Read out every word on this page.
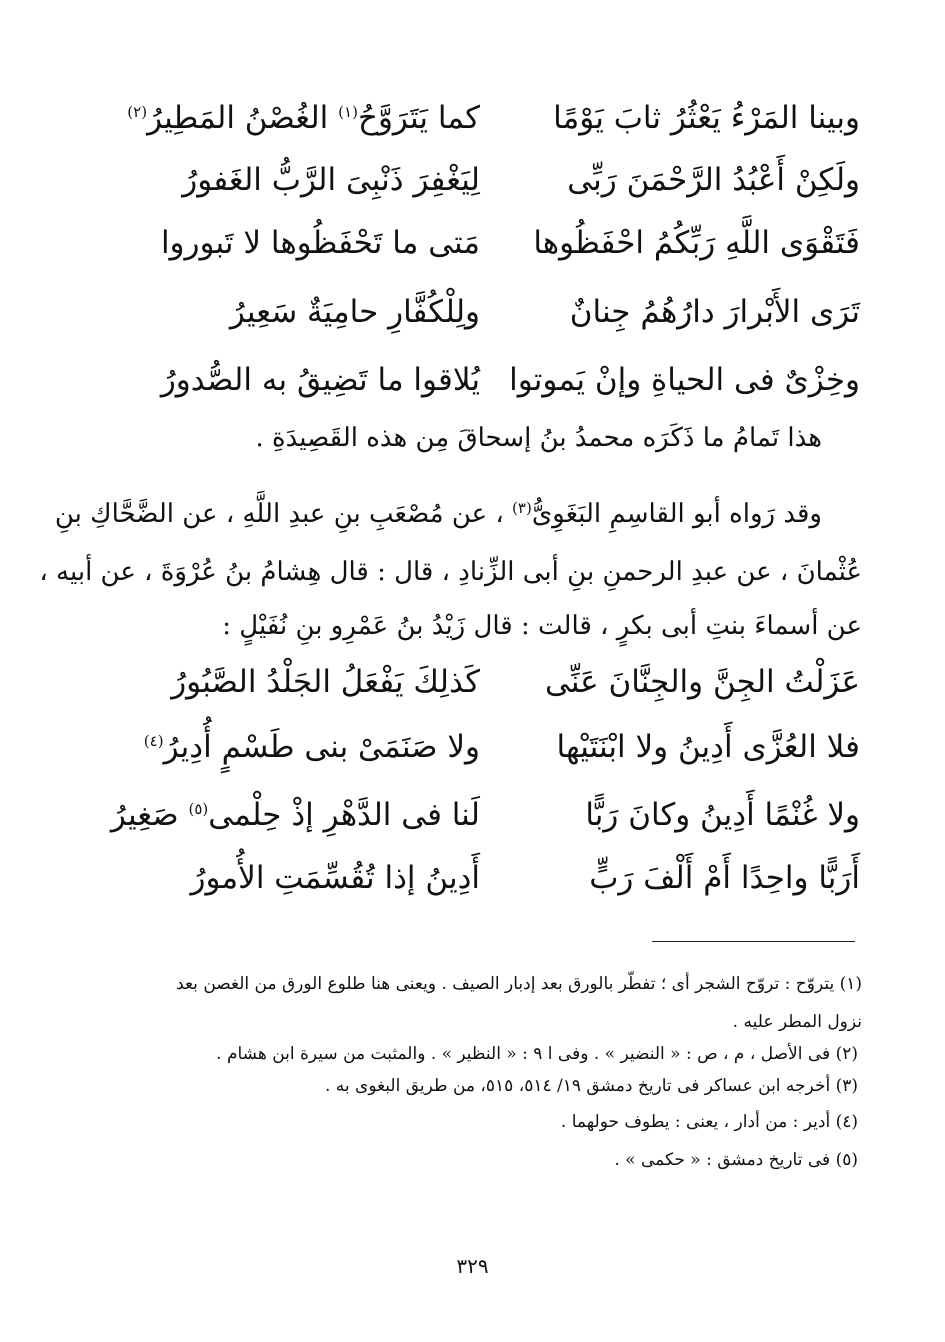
وبينا المَرْءُ يَعْثُرُ ثابَ يَوْمًا
كما يَتَرَوَّحُ$^{(١)}$ الغُصْنُ المَطِيرُ$^{(٢)}$
ولَكِنْ أَعْبُدُ الرَّحْمَنَ رَبِّى
لِيَغْفِرَ ذَنْبِىَ الرَّبُّ الغَفورُ
فَتَقْوَى اللَّهِ رَبِّكُمُ احْفَظُوها
مَتى ما تَحْفَظُوها لا تَبوروا
تَرَى الأَبْرارَ دارُهُمُ جِنانٌ
ولِلْكُفَّارِ حامِيَةٌ سَعِيرُ
وخِزْىٌ فى الحياةِ وإنْ يَموتوا
يُلاقوا ما تَضِيقُ به الصُّدورُ
هذا تَمامُ ما ذَكَرَه محمدُ بنُ إسحاقَ مِن هذه القَصِيدَةِ .
وقد رَواه أبو القاسِمِ البَغَوِىُّ$^{(٣)}$ ، عن مُصْعَبِ بنِ عبدِ اللَّهِ ، عن الضَّحَّاكِ بنِ
عُثْمانَ ، عن عبدِ الرحمنِ بنِ أبى الزِّنادِ ، قال : قال هِشامُ بنُ عُرْوَةَ ، عن أبيه ،
عن أسماءَ بنتِ أبى بكرٍ ، قالت : قال زَيْدُ بنُ عَمْرِو بنِ نُفَيْلٍ :
عَزَلْتُ الجِنَّ والجِنَّانَ عَنِّى
كَذلِكَ يَفْعَلُ الجَلْدُ الصَّبُورُ
فلا العُزَّى أَدِينُ ولا ابْنَتَيْها
ولا صَنَمَىْ بنى طَسْمٍ أُدِيرُ$^{(٤)}$
ولا غُنْمًا أَدِينُ وكانَ رَبًّا
لَنا فى الدَّهْرِ إذْ حِلْمى$^{(٥)}$ صَغِيرُ
أَرَبًّا واحِدًا أَمْ أَلْفَ رَبٍّ
أَدِينُ إذا تُقُسِّمَتِ الأُمورُ
(١) يتروّح : تروّح الشجر أى ؛ تفطّر بالورق بعد إدبار الصيف . ويعنى هنا طلوع الورق من الغصن بعد
نزول المطر عليه .
(٢) فى الأصل ، م ، ص : « النضير » . وفى ا ٩ : « النظير » . والمثبت من سيرة ابن هشام .
(٣) أخرجه ابن عساكر فى تاريخ دمشق ١٩/ ٥١٤، ٥١٥، من طريق البغوى به .
(٤) أدير : من أدار ، يعنى : يطوف حولهما .
(٥) فى تاريخ دمشق : « حكمى » .
٣٢٩
